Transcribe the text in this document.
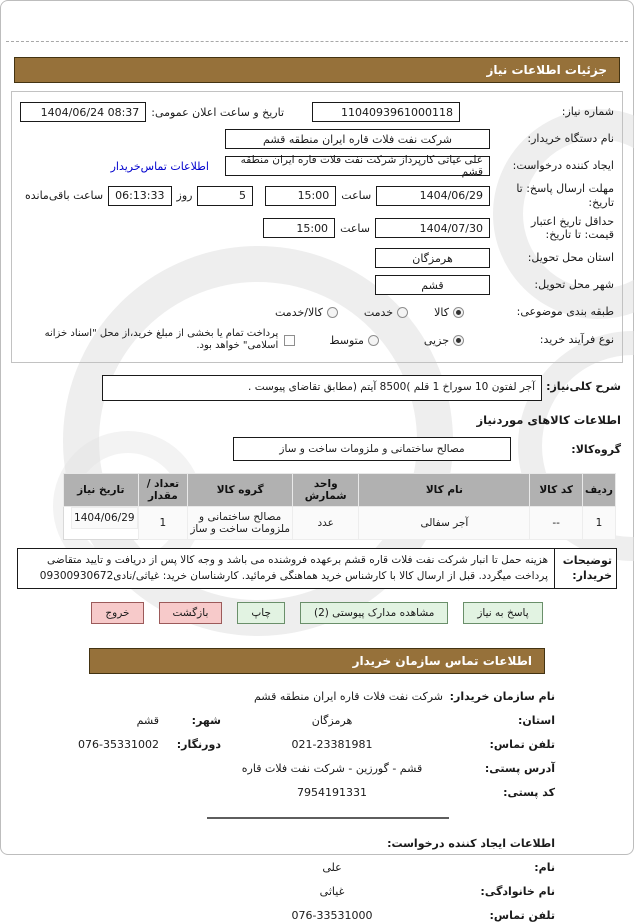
جزئیات اطلاعات نیاز
شماره نیاز:
1104093961000118
تاریخ و ساعت اعلان عمومی:
1404/06/24 08:37
نام دستگاه خریدار:
شرکت نفت فلات قاره ایران منطقه قشم
ایجاد کننده درخواست:
علی غیاثی کارپرداز شرکت نفت فلات قاره ایران منطقه قشم
اطلاعات تماس‌خریدار
مهلت ارسال پاسخ: تا تاریخ:
1404/06/29
ساعت
15:00
5
روز
06:13:33
ساعت باقی‌مانده
حداقل تاریخ اعتبار قیمت: تا تاریخ:
1404/07/30
ساعت
15:00
استان محل تحویل:
هرمزگان
شهر محل تحویل:
قشم
طبقه بندی موضوعی:
کالا
خدمت
کالا/خدمت
نوع فرآیند خرید:
جزیی
متوسط
پرداخت تمام یا بخشی از مبلغ خرید،از محل "اسناد خزانه اسلامی" خواهد بود.
شرح کلی‌نیاز:
آجر لفتون 10 سوراخ 1 قلم )8500 آیتم (مطابق تقاضای پیوست .
اطلاعات کالاهای موردنیاز
گروه‌کالا:
مصالح ساختمانی و ملزومات ساخت و ساز
ردیف	کد کالا	نام کالا	واحد شمارش	گروه کالا	تعداد / مقدار	تاریخ نیاز
1	--	آجر سفالی	عدد	مصالح ساختمانی و ملزومات ساخت و ساز	1	1404/06/29
توضیحات خریدار:
هزینه حمل تا انبار شرکت نفت فلات قاره قشم برعهده فروشنده می باشد و وجه کالا پس از دریافت و تایید متقاضی پرداخت میگردد. قبل از ارسال کالا با کارشناس خرید هماهنگی فرمائید. کارشناسان خرید: غیاثی/نادی09300930672
پاسخ به نیاز
مشاهده مدارک پیوستی (2)
چاپ
بازگشت
خروج
اطلاعات تماس سازمان خریدار
نام سازمان خریدار:
شرکت نفت فلات قاره ایران منطقه قشم
استان:
هرمزگان
شهر:
قشم
تلفن تماس:
021-23381981
دورنگار:
076-35331002
آدرس پستی:
قشم - گورزین - شرکت نفت فلات قاره
کد پستی:
7954191331
اطلاعات ایجاد کننده درخواست:
نام:
علی
نام خانوادگی:
غیاثی
تلفن تماس:
076-33531000
